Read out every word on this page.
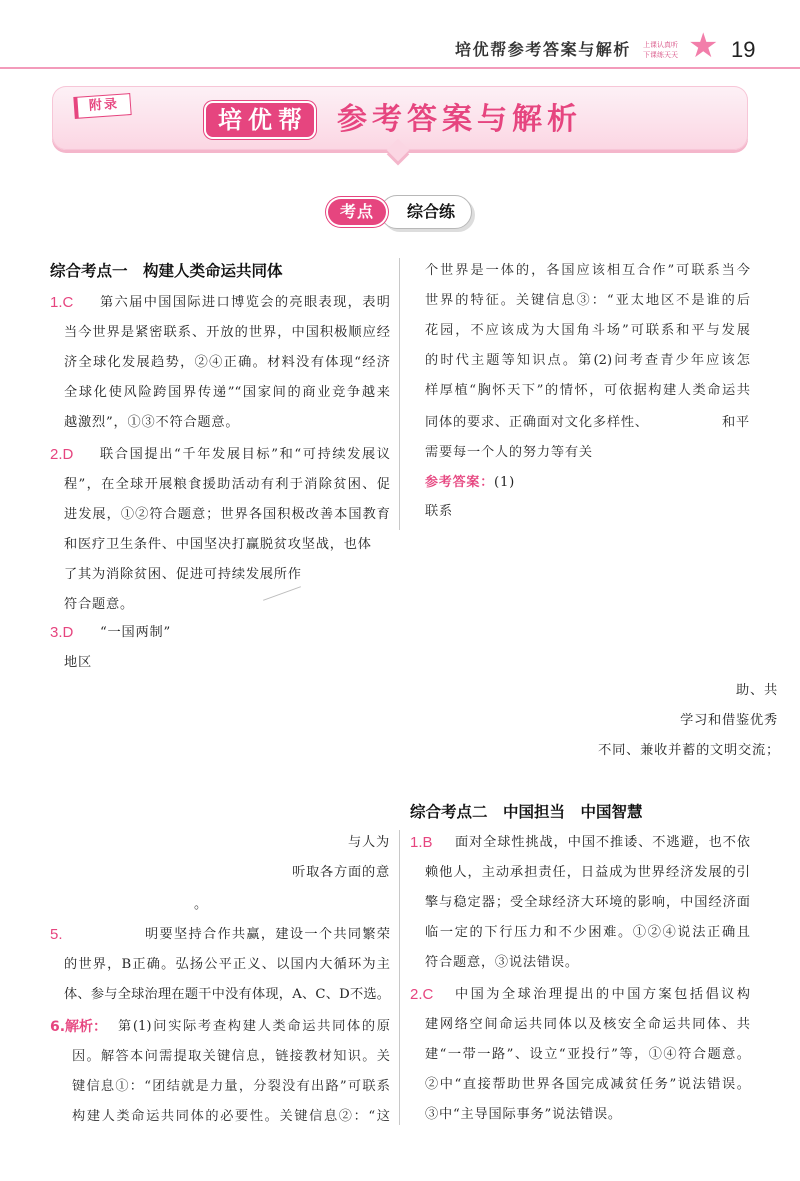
培优帮参考答案与解析 上课认真听
下课练天天
★ 19
附录
培优帮 参考答案与解析
综合练
考点
综合考点一　构建人类命运共同体
1.C 第六届中国国际进口博览会的亮眼表现，表明
当今世界是紧密联系、开放的世界，中国积极顺应经
济全球化发展趋势，②④正确。材料没有体现“经济
全球化使风险跨国界传递”“国家间的商业竞争越来
越激烈”，①③不符合题意。
2.D 联合国提出“千年发展目标”和“可持续发展议
程”，在全球开展粮食援助活动有利于消除贫困、促
进发展，①②符合题意；世界各国积极改善本国教育
和医疗卫生条件、中国坚决打赢脱贫攻坚战，也体
了其为消除贫困、促进可持续发展所作
符合题意。
3.D “一国两制”
地区
与人为
听取各方面的意
。
5.	明要坚持合作共赢，建设一个共同繁荣
的世界，B正确。弘扬公平正义、以国内大循环为主
体、参与全球治理在题干中没有体现，A、C、D不选。
6.解析： 第(1)问实际考查构建人类命运共同体的原
因。解答本问需提取关键信息，链接教材知识。关
键信息①：“团结就是力量，分裂没有出路”可联系
构建人类命运共同体的必要性。关键信息②：“这
个世界是一体的，各国应该相互合作”可联系当今
世界的特征。关键信息③：“亚太地区不是谁的后
花园，不应该成为大国角斗场”可联系和平与发展
的时代主题等知识点。第(2)问考查青少年应该怎
样厚植“胸怀天下”的情怀，可依据构建人类命运共
同体的要求、正确面对文化多样性、	和平
需要每一个人的努力等有关
参考答案：(1)
联系
助、共
学习和借鉴优秀
不同、兼收并蓄的文明交流；
综合考点二　中国担当　中国智慧
1.B 面对全球性挑战，中国不推诿、不逃避，也不依
赖他人，主动承担责任，日益成为世界经济发展的引
擎与稳定器；受全球经济大环境的影响，中国经济面
临一定的下行压力和不少困难。①②④说法正确且
符合题意，③说法错误。
2.C 中国为全球治理提出的中国方案包括倡议构
建网络空间命运共同体以及核安全命运共同体、共
建“一带一路”、设立“亚投行”等，①④符合题意。
②中“直接帮助世界各国完成减贫任务”说法错误。
③中“主导国际事务”说法错误。
